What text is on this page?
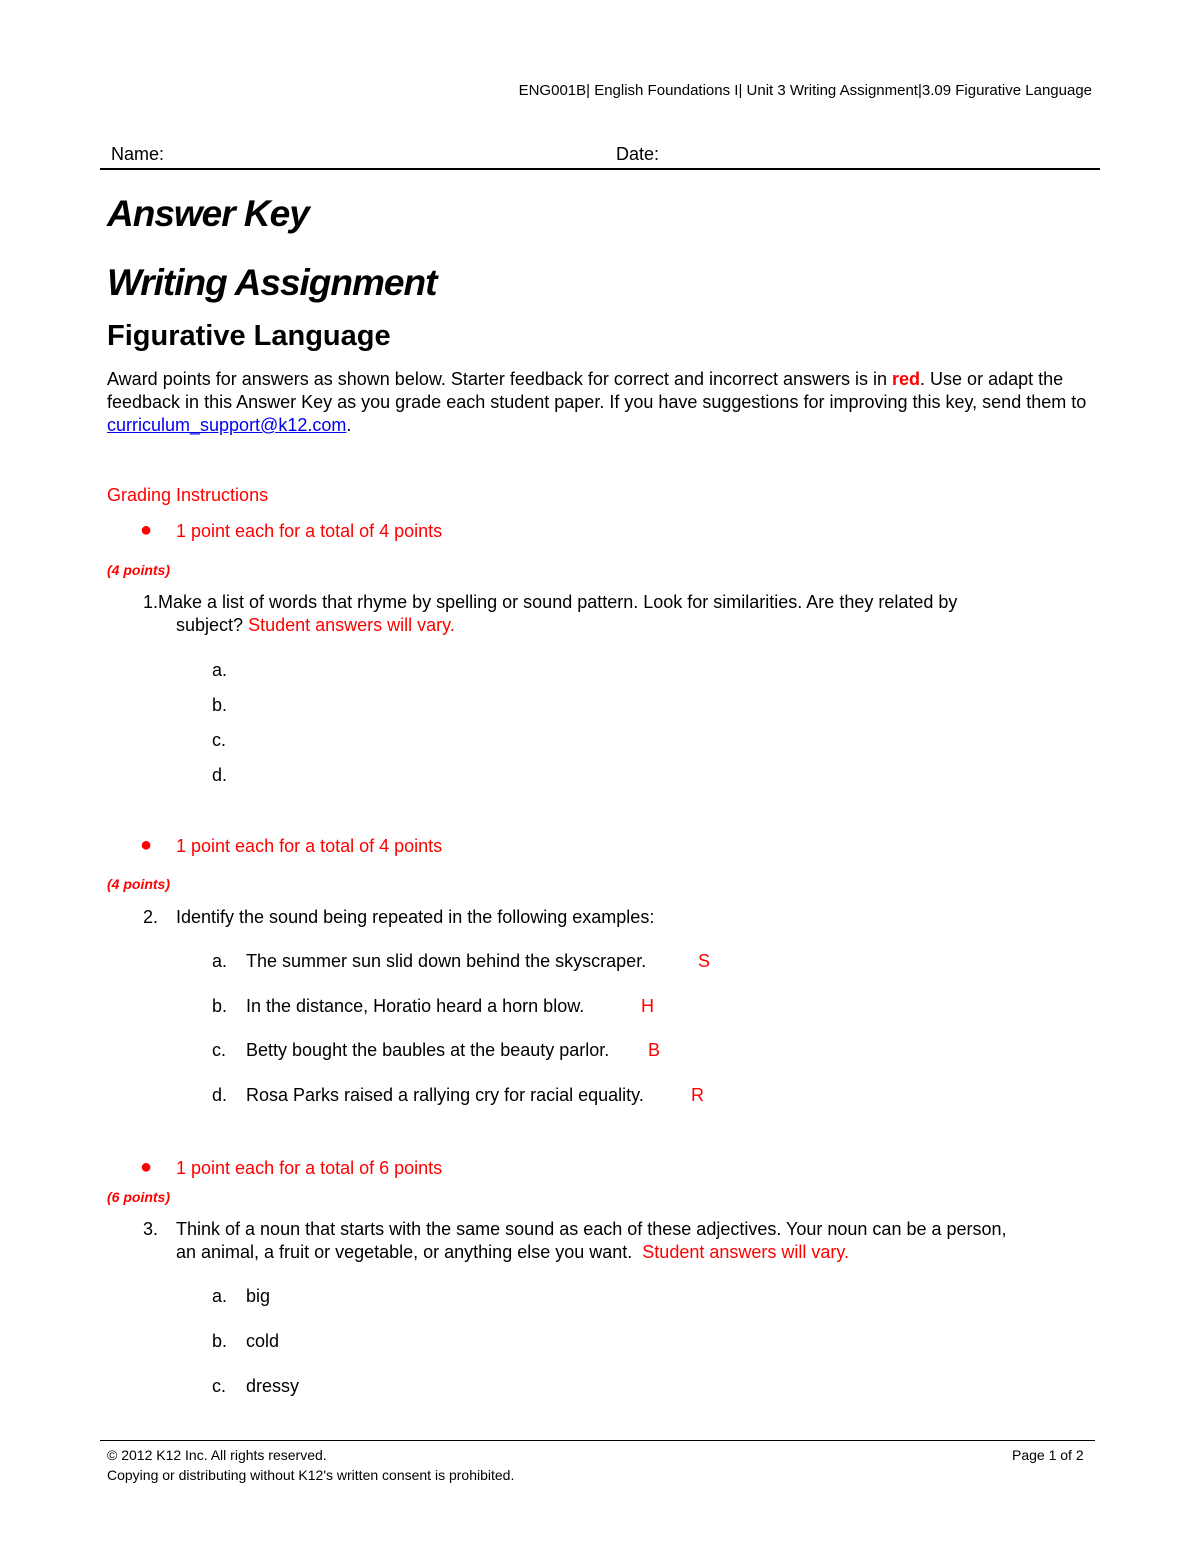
ENG001B| English Foundations I| Unit 3 Writing Assignment|3.09 Figurative Language
Name:	Date:
Answer Key
Writing Assignment
Figurative Language
Award points for answers as shown below. Starter feedback for correct and incorrect answers is in red. Use or adapt the feedback in this Answer Key as you grade each student paper. If you have suggestions for improving this key, send them to curriculum_support@k12.com.
Grading Instructions
● 1 point each for a total of 4 points
(4 points)
1.Make a list of words that rhyme by spelling or sound pattern. Look for similarities. Are they related by
subject? Student answers will vary.
a.
b.
c.
d.
● 1 point each for a total of 4 points
(4 points)
2. Identify the sound being repeated in the following examples:
a. The summer sun slid down behind the skyscraper.	S
b. In the distance, Horatio heard a horn blow.	H
c. Betty bought the baubles at the beauty parlor. B
d. Rosa Parks raised a rallying cry for racial equality.	R
● 1 point each for a total of 6 points
(6 points)
3. Think of a noun that starts with the same sound as each of these adjectives. Your noun can be a person,
an animal, a fruit or vegetable, or anything else you want. Student answers will vary.
a. big
b. cold
c. dressy
© 2012 K12 Inc. All rights reserved.
Copying or distributing without K12's written consent is prohibited.
Page 1 of 2
